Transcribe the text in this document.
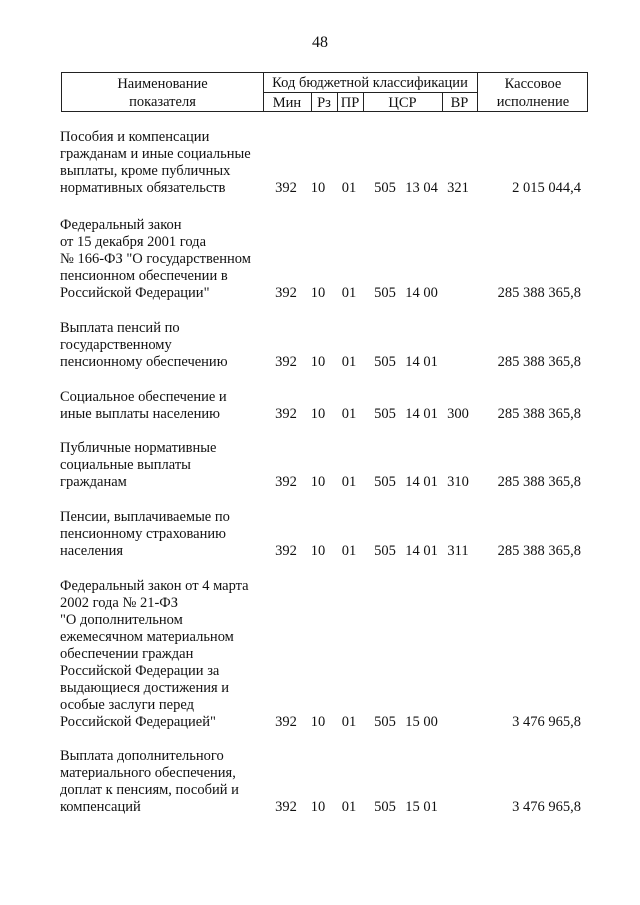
48
Наименование
показателя
Код бюджетной классификации
Мин	Рз ПР	ЦСР	ВР
Кассовое
исполнение
Пособия и компенсации
гражданам и иные социальные
выплаты, кроме публичных
нормативных обязательств	392 10	01	505 13 04 321	2 015 044,4
Федеральный закон
от 15 декабря 2001 года
№ 166-ФЗ "О государственном
пенсионном обеспечении в
Российской Федерации"	392 10	01	505 14 00	285 388 365,8
Выплата пенсий по
государственному
пенсионному обеспечению	392 10	01	505 14 01	285 388 365,8
Социальное обеспечение и
иные выплаты населению	392 10	01	505 14 01 300	285 388 365,8
Публичные нормативные
социальные выплаты
гражданам	392 10	01	505 14 01 310	285 388 365,8
Пенсии, выплачиваемые по
пенсионному страхованию
населения	392 10	01	505 14 01 311	285 388 365,8
Федеральный закон от 4 марта
2002 года № 21-ФЗ
"О дополнительном
ежемесячном материальном
обеспечении граждан
Российской Федерации за
выдающиеся достижения и
особые заслуги перед
Российской Федерацией"	392 10	01	505 15 00	3 476 965,8
Выплата дополнительного
материального обеспечения,
доплат к пенсиям, пособий и
компенсаций	392 10	01	505 15 01	3 476 965,8
